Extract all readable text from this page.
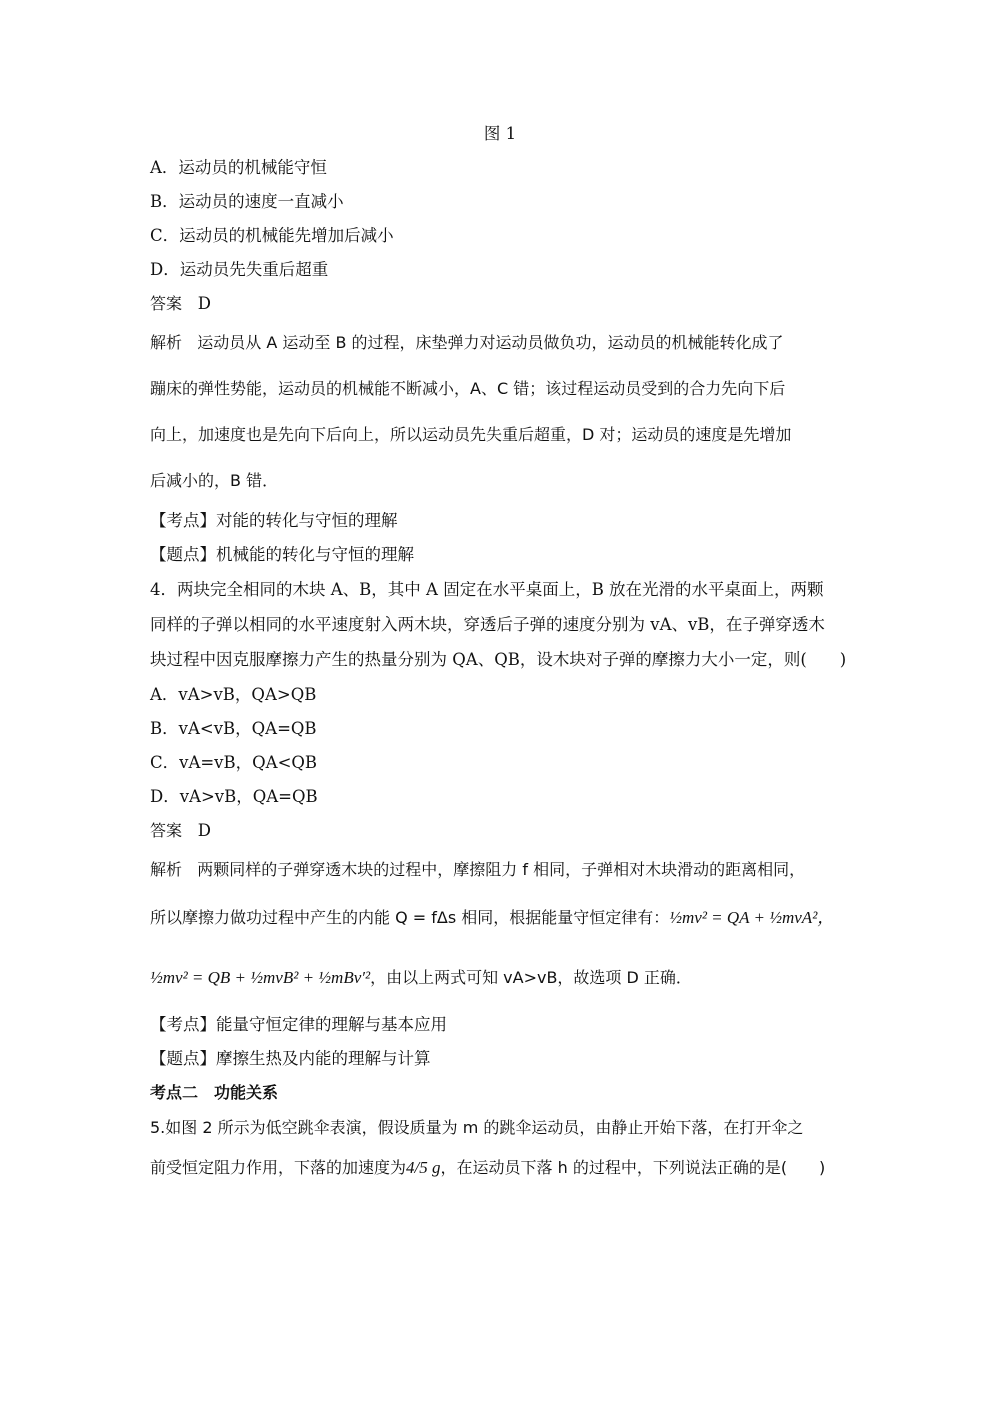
图 1
A．运动员的机械能守恒
B．运动员的速度一直减小
C．运动员的机械能先增加后减小
D．运动员先失重后超重
答案 D
解析 运动员从 A 运动至 B 的过程，床垫弹力对运动员做负功，运动员的机械能转化成了
蹦床的弹性势能，运动员的机械能不断减小，A、C 错；该过程运动员受到的合力先向下后
向上，加速度也是先向下后向上，所以运动员先失重后超重，D 对；运动员的速度是先增加
后减小的，B 错．
【考点】对能的转化与守恒的理解
【题点】机械能的转化与守恒的理解
4．两块完全相同的木块 A、B，其中 A 固定在水平桌面上，B 放在光滑的水平桌面上，两颗
同样的子弹以相同的水平速度射入两木块，穿透后子弹的速度分别为 vA、vB，在子弹穿透木
块过程中因克服摩擦力产生的热量分别为 QA、QB，设木块对子弹的摩擦力大小一定，则(　　)
A．vA>vB，QA>QB
B．vA<vB，QA=QB
C．vA=vB，QA<QB
D．vA>vB，QA=QB
答案 D
解析 两颗同样的子弹穿透木块的过程中，摩擦阻力 f 相同，子弹相对木块滑动的距离相同，
所以摩擦力做功过程中产生的内能 Q = fΔs 相同，根据能量守恒定律有：½mv² = QA + ½mvA²，
½mv² = QB + ½mvB² + ½mBv′²，由以上两式可知 vA>vB，故选项 D 正确．
【考点】能量守恒定律的理解与基本应用
【题点】摩擦生热及内能的理解与计算
考点二　功能关系
5.如图 2 所示为低空跳伞表演，假设质量为 m 的跳伞运动员，由静止开始下落，在打开伞之
前受恒定阻力作用，下落的加速度为4/5 g，在运动员下落 h 的过程中，下列说法正确的是(　　)
